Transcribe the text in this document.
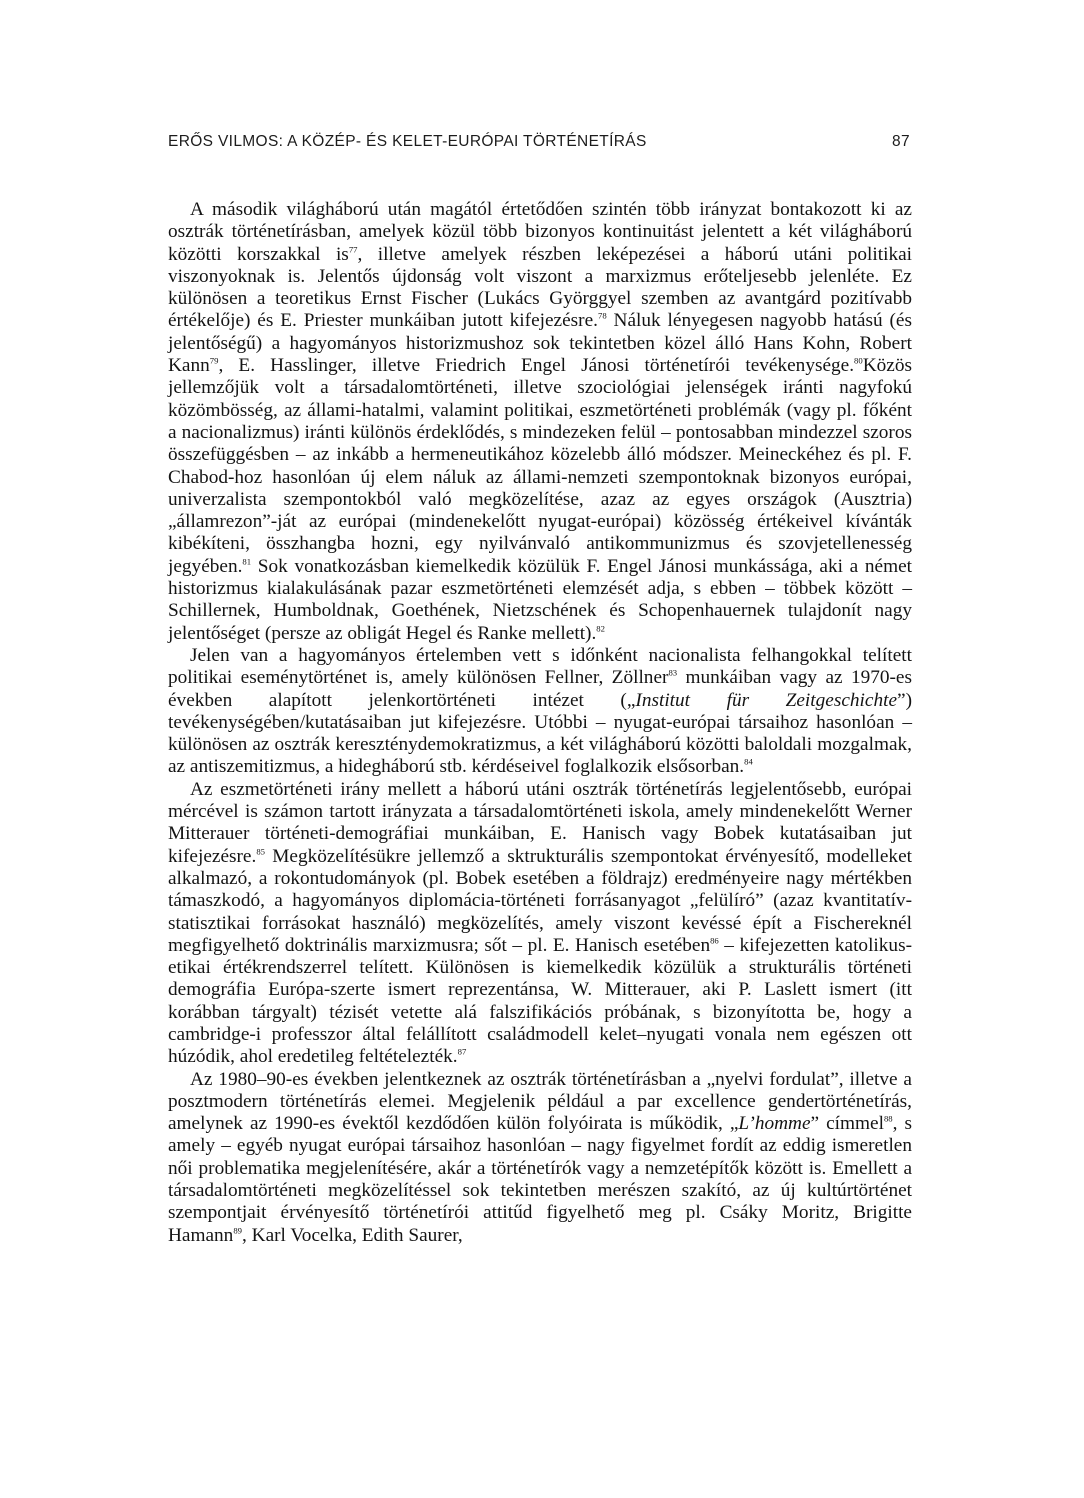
ERŐS VILMOS: A KÖZÉP- ÉS KELET-EURÓPAI TÖRTÉNETÍRÁS	87

A második világháború után magától értetődően szintén több irányzat bontakozott ki az osztrák történetírásban, amelyek közül több bizonyos kontinuitást jelentett a két világháború közötti korszakkal $is^{77}$, illetve amelyek részben leképezései a háború utáni politikai viszonyoknak is. Jelentős újdonság volt viszont a marxizmus erőteljesebb jelenléte. Ez különösen a teoretikus Ernst Fischer (Lukács Györggyel szemben az avantgárd pozitívabb értékelője) és E. Priester munkáiban jutott kifejezésre.$^{78}$ Náluk lényegesen nagyobb hatású (és jelentőségű) a hagyományos historizmushoz sok tekintetben közel álló Hans Kohn, Robert Kann$^{79}$, E. Hasslinger, illetve Friedrich Engel Jánosi történetírói tevékenysége.$^{80}$Közös jellemzőjük volt a társadalomtörténeti, illetve szociológiai jelenségek iránti nagyfokú közömbösség, az állami-hatalmi, valamint politikai, eszmetörténeti problémák (vagy pl. főként a nacionalizmus) iránti különös érdeklődés, s mindezeken felül – pontosabban mindezzel szoros összefüggésben – az inkább a hermeneutikához közelebb álló módszer. Meineckéhez és pl. F. Chabod-hoz hasonlóan új elem náluk az állami-nemzeti szempontoknak bizonyos európai, univerzalista szempontokból való megközelítése, azaz az egyes országok (Ausztria) „államrezon”-ját az európai (mindenekelőtt nyugat-európai) közösség értékeivel kívánták kibékíteni, összhangba hozni, egy nyilvánvaló antikommunizmus és szovjetellenesség jegyében.$^{81}$ Sok vonatkozásban kiemelkedik közülük F. Engel Jánosi munkássága, aki a német historizmus kialakulásának pazar eszmetörténeti elemzését adja, s ebben – többek között – Schillernek, Humboldnak, Goethének, Nietzschének és Schopenhauernek tulajdonít nagy jelentőséget (persze az obligát Hegel és Ranke mellett).$^{82}$

Jelen van a hagyományos értelemben vett s időnként nacionalista felhangokkal telített politikai eseménytörténet is, amely különösen Fellner, Zöllner$^{83}$ munkáiban vagy az 1970-es években alapított jelenkortörténeti intézet („Institut für Zeitgeschichte”) tevékenységében/kutatásaiban jut kifejezésre. Utóbbi – nyugat-európai társaihoz hasonlóan – különösen az osztrák kereszténydemokratizmus, a két világháború közötti baloldali mozgalmak, az antiszemitizmus, a hidegháború stb. kérdéseivel foglalkozik elsősorban.$^{84}$

Az eszmetörténeti irány mellett a háború utáni osztrák történetírás legjelentősebb, európai mércével is számon tartott irányzata a társadalomtörténeti iskola, amely mindenekelőtt Werner Mitterauer történeti-demográfiai munkáiban, E. Hanisch vagy Bobek kutatásaiban jut kifejezésre.$^{85}$ Megközelítésükre jellemző a sktrukturális szempontokat érvényesítő, modelleket alkalmazó, a rokontudományok (pl. Bobek esetében a földrajz) eredményeire nagy mértékben támaszkodó, a hagyományos diplomácia-történeti forrásanyagot „felülíró” (azaz kvantitatív-statisztikai forrásokat használó) megközelítés, amely viszont kevéssé épít a Fischereknél megfigyelhető doktrinális marxizmusra; sőt – pl. E. Hanisch esetében$^{86}$ – kifejezetten katolikus-etikai értékrendszerrel telített. Különösen is kiemelkedik közülük a strukturális történeti demográfia Európa-szerte ismert reprezentánsa, W. Mitterauer, aki P. Laslett ismert (itt korábban tárgyalt) tézisét vetette alá falszifikációs próbának, s bizonyította be, hogy a cambridge-i professzor által felállított családmodell kelet–nyugati vonala nem egészen ott húzódik, ahol eredetileg feltételezték.$^{87}$

Az 1980–90-es években jelentkeznek az osztrák történetírásban a „nyelvi fordulat”, illetve a posztmodern történetírás elemei. Megjelenik például a par excellence gendertörténetírás, amelynek az 1990-es évektől kezdődően külön folyóirata is működik, „L’homme” címmel$^{88}$, s amely – egyéb nyugat európai társaihoz hasonlóan – nagy figyelmet fordít az eddig ismeretlen női problematika megjelenítésére, akár a történetírók vagy a nemzetépítők között is. Emellett a társadalomtörténeti megközelítéssel sok tekintetben merészen szakító, az új kultúrtörténet szempontjait érvényesítő történetírói attitűd figyelhető meg pl. Csáky Moritz, Brigitte Hamann$^{89}$, Karl Vocelka, Edith Saurer,
